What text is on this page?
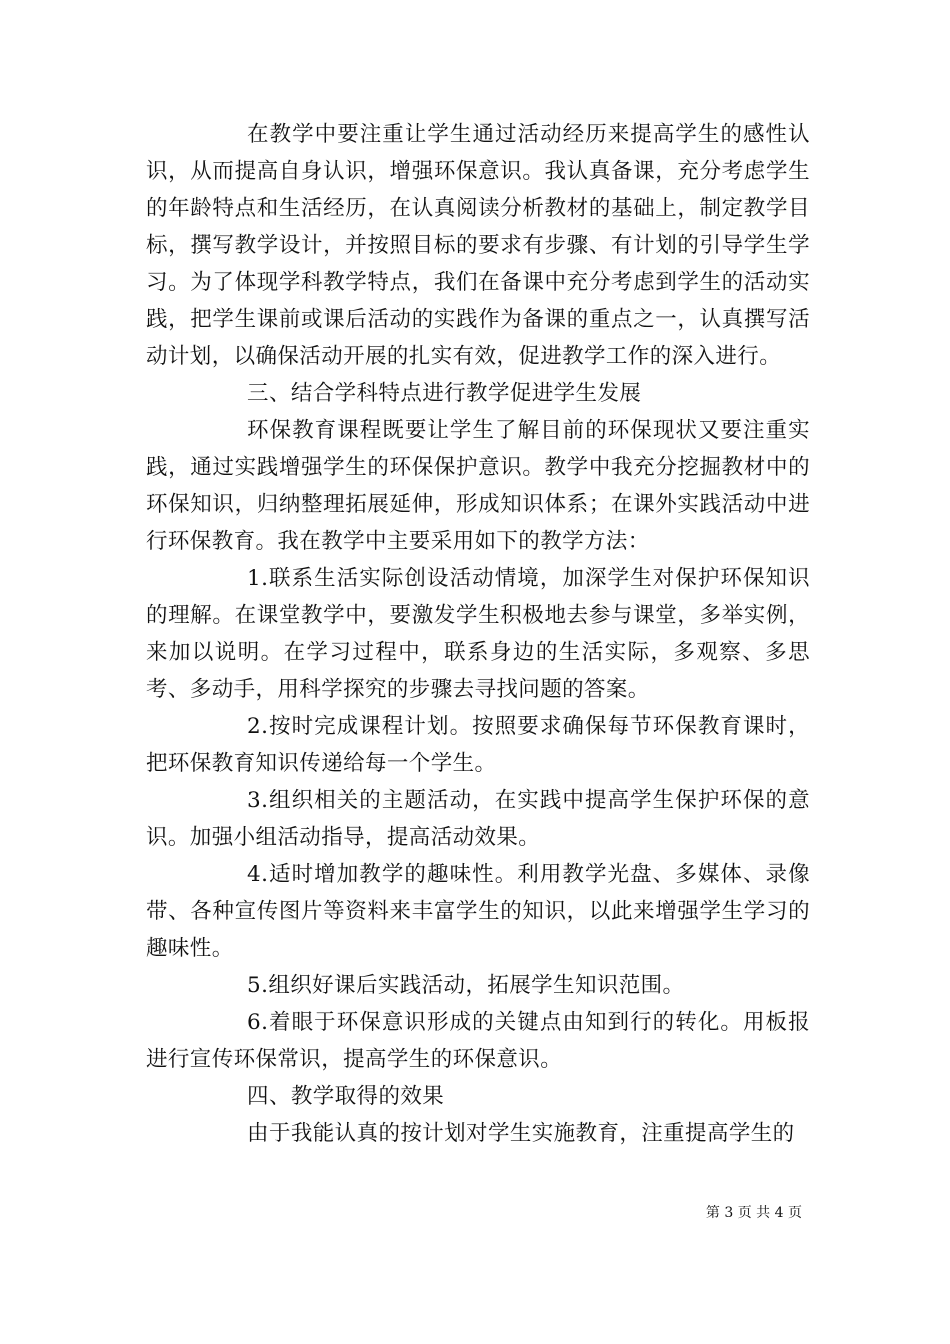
在教学中要注重让学生通过活动经历来提高学生的感性认识，从而提高自身认识，增强环保意识。我认真备课，充分考虑学生的年龄特点和生活经历，在认真阅读分析教材的基础上，制定教学目标，撰写教学设计，并按照目标的要求有步骤、有计划的引导学生学习。为了体现学科教学特点，我们在备课中充分考虑到学生的活动实践，把学生课前或课后活动的实践作为备课的重点之一，认真撰写活动计划，以确保活动开展的扎实有效，促进教学工作的深入进行。

三、结合学科特点进行教学促进学生发展

环保教育课程既要让学生了解目前的环保现状又要注重实践，通过实践增强学生的环保保护意识。教学中我充分挖掘教材中的环保知识，归纳整理拓展延伸，形成知识体系；在课外实践活动中进行环保教育。我在教学中主要采用如下的教学方法：

1.联系生活实际创设活动情境，加深学生对保护环保知识的理解。在课堂教学中，要激发学生积极地去参与课堂，多举实例，来加以说明。在学习过程中，联系身边的生活实际，多观察、多思考、多动手，用科学探究的步骤去寻找问题的答案。

2.按时完成课程计划。按照要求确保每节环保教育课时，把环保教育知识传递给每一个学生。

3.组织相关的主题活动，在实践中提高学生保护环保的意识。加强小组活动指导，提高活动效果。

4.适时增加教学的趣味性。利用教学光盘、多媒体、录像带、各种宣传图片等资料来丰富学生的知识，以此来增强学生学习的趣味性。

5.组织好课后实践活动，拓展学生知识范围。

6.着眼于环保意识形成的关键点由知到行的转化。用板报进行宣传环保常识，提高学生的环保意识。

四、教学取得的效果

由于我能认真的按计划对学生实施教育，注重提高学生的

第 3 页 共 4 页
